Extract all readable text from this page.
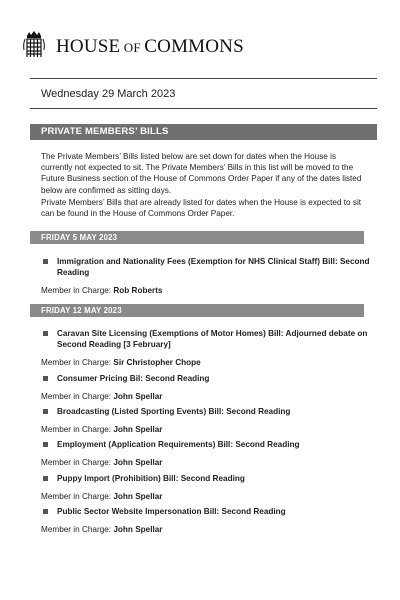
HOUSE OF COMMONS
Wednesday 29 March 2023
PRIVATE MEMBERS’ BILLS

The Private Members’ Bills listed below are set down for dates when the House is currently not expected to sit. The Private Members’ Bills in this list will be moved to the Future Business section of the House of Commons Order Paper if any of the dates listed below are confirmed as sitting days.

Private Members’ Bills that are already listed for dates when the House is expected to sit can be found in the House of Commons Order Paper.

FRIDAY 5 MAY 2023
Immigration and Nationality Fees (Exemption for NHS Clinical Staff) Bill: Second Reading
Member in Charge: Rob Roberts
FRIDAY 12 MAY 2023
Caravan Site Licensing (Exemptions of Motor Homes) Bill: Adjourned debate on Second Reading [3 February]
Member in Charge: Sir Christopher Chope
Consumer Pricing Bil: Second Reading
Member in Charge: John Spellar
Broadcasting (Listed Sporting Events) Bill: Second Reading
Member in Charge: John Spellar
Employment (Application Requirements) Bill: Second Reading
Member in Charge: John Spellar
Puppy Import (Prohibition) Bill: Second Reading
Member in Charge: John Spellar
Public Sector Website Impersonation Bill: Second Reading
Member in Charge: John Spellar
